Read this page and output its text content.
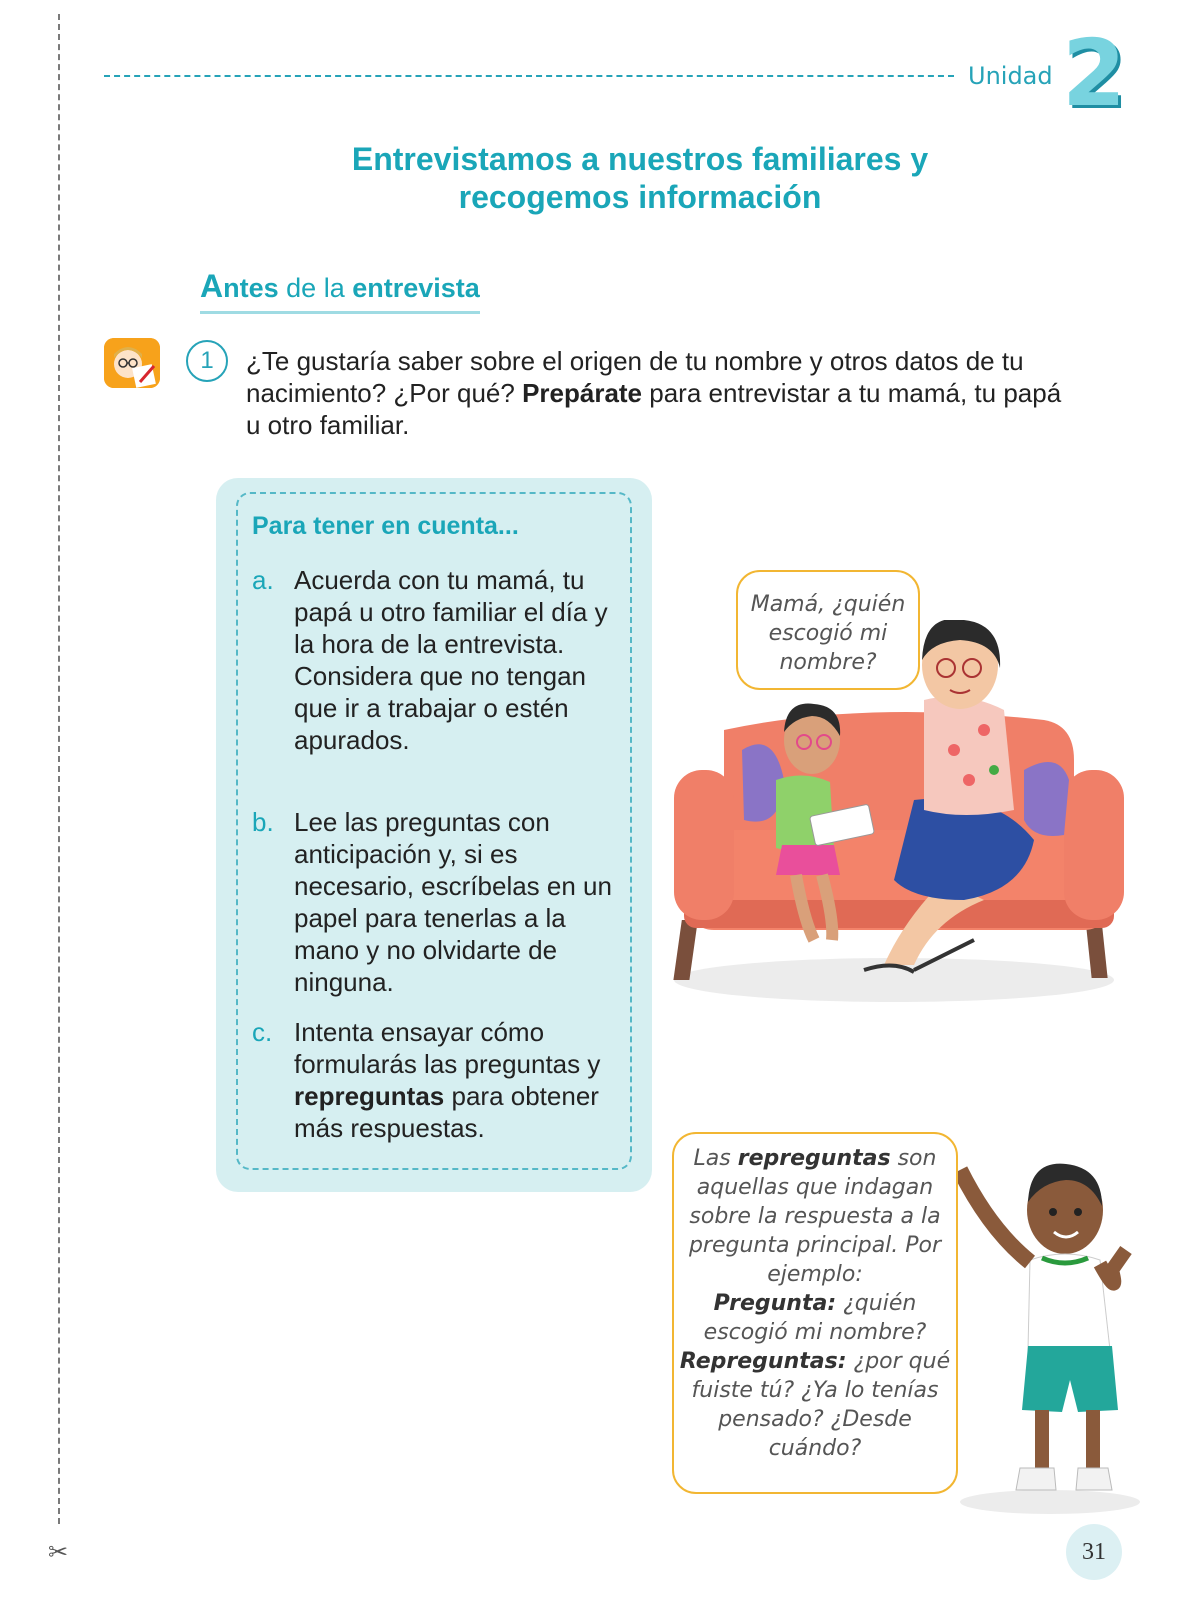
✂
Unidad 2
Entrevistamos a nuestros familiares y
recogemos información
Antes de la entrevista
1	¿Te gustaría saber sobre el origen de tu nombre y otros datos de tu nacimiento? ¿Por qué? Prepárate para entrevistar a tu mamá, tu papá u otro familiar.
Para tener en cuenta...
a. Acuerda con tu mamá, tu papá u otro familiar el día y la hora de la entrevista. Considera que no tengan que ir a trabajar o estén apurados.
b. Lee las preguntas con anticipación y, si es necesario, escríbelas en un papel para tenerlas a la mano y no olvidarte de ninguna.
c. Intenta ensayar cómo formularás las preguntas y repreguntas para obtener más respuestas.
Mamá, ¿quién escogió mi nombre?
Las repreguntas son aquellas que indagan sobre la respuesta a la pregunta principal. Por ejemplo:
Pregunta: ¿quién escogió mi nombre?
Repreguntas: ¿por qué fuiste tú? ¿Ya lo tenías pensado? ¿Desde cuándo?
31
